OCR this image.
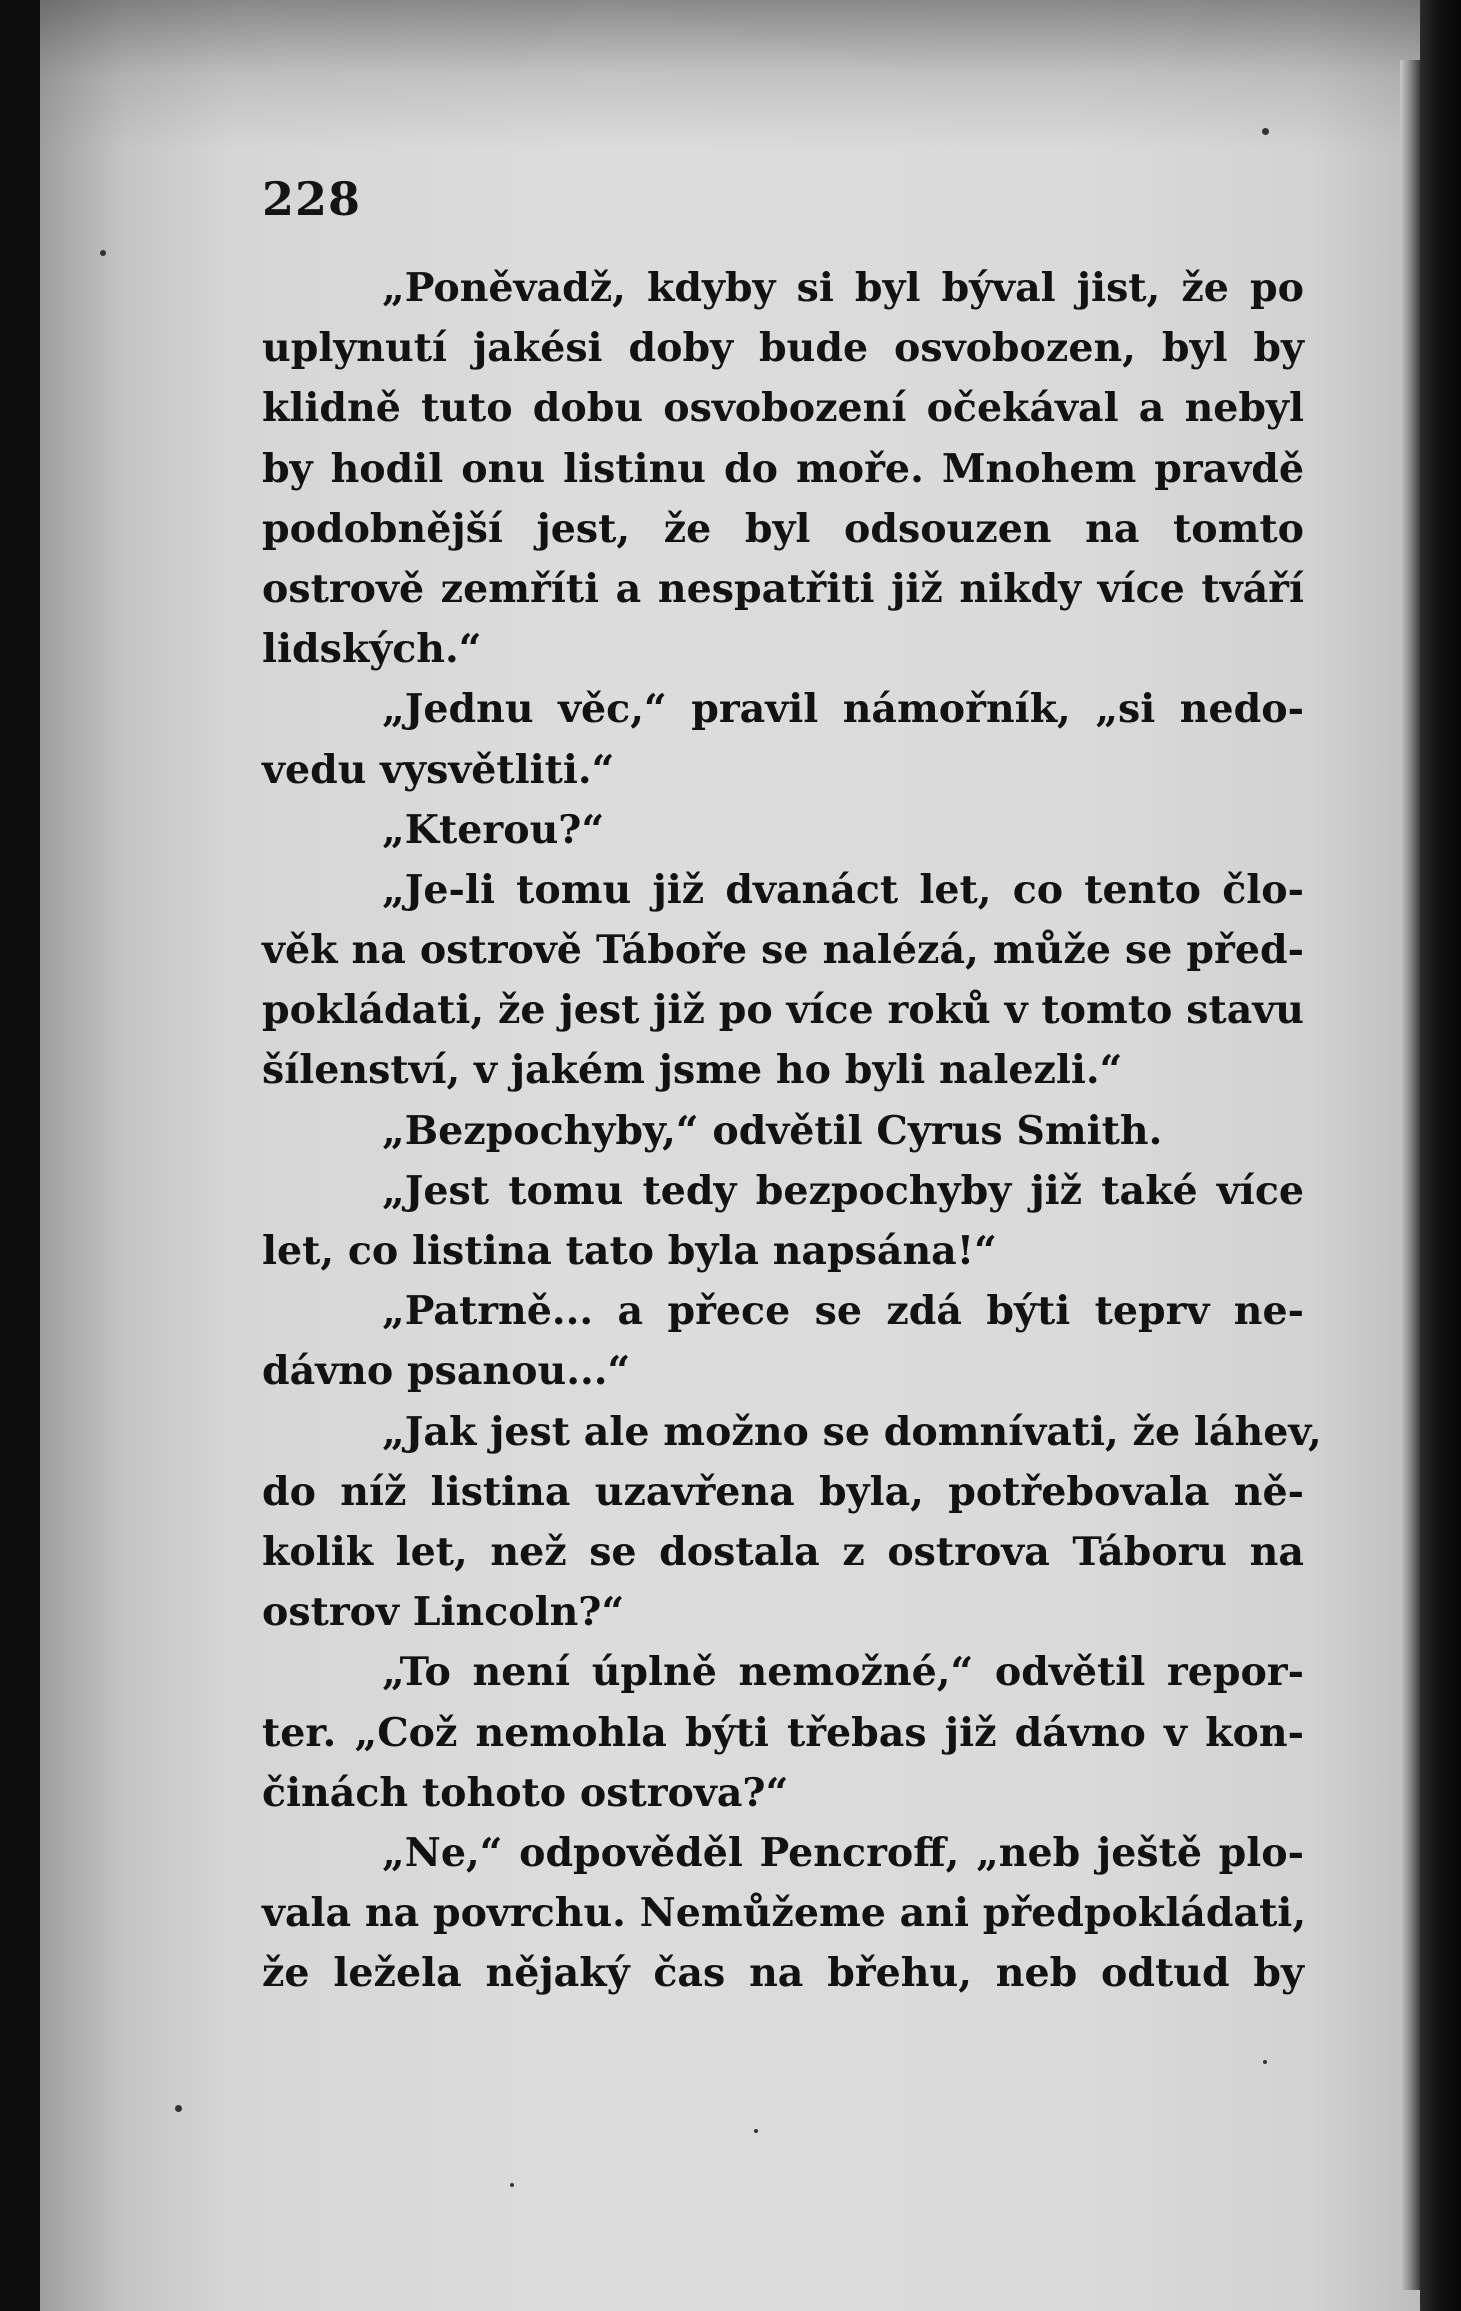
228
„Poněvadž, kdyby si byl býval jist, že po
uplynutí jakési doby bude osvobozen, byl by
klidně tuto dobu osvobození očekával a nebyl
by hodil onu listinu do moře. Mnohem pravdě
podobnější jest, že byl odsouzen na tomto
ostrově zemříti a nespatřiti již nikdy více tváří
lidských.“
„Jednu věc,“ pravil námořník, „si nedo-
vedu vysvětliti.“
„Kterou?“
„Je-li tomu již dvanáct let, co tento člo-
věk na ostrově Táboře se nalézá, může se před-
pokládati, že jest již po více roků v tomto stavu
šílenství, v jakém jsme ho byli nalezli.“
„Bezpochyby,“ odvětil Cyrus Smith.
„Jest tomu tedy bezpochyby již také více
let, co listina tato byla napsána!“
„Patrně... a přece se zdá býti teprv ne-
dávno psanou...“
„Jak jest ale možno se domnívati, že láhev,
do níž listina uzavřena byla, potřebovala ně-
kolik let, než se dostala z ostrova Táboru na
ostrov Lincoln?“
„To není úplně nemožné,“ odvětil repor-
ter. „Což nemohla býti třebas již dávno v kon-
činách tohoto ostrova?“
„Ne,“ odpověděl Pencroff, „neb ještě plo-
vala na povrchu. Nemůžeme ani předpokládati,
že ležela nějaký čas na břehu, neb odtud by
